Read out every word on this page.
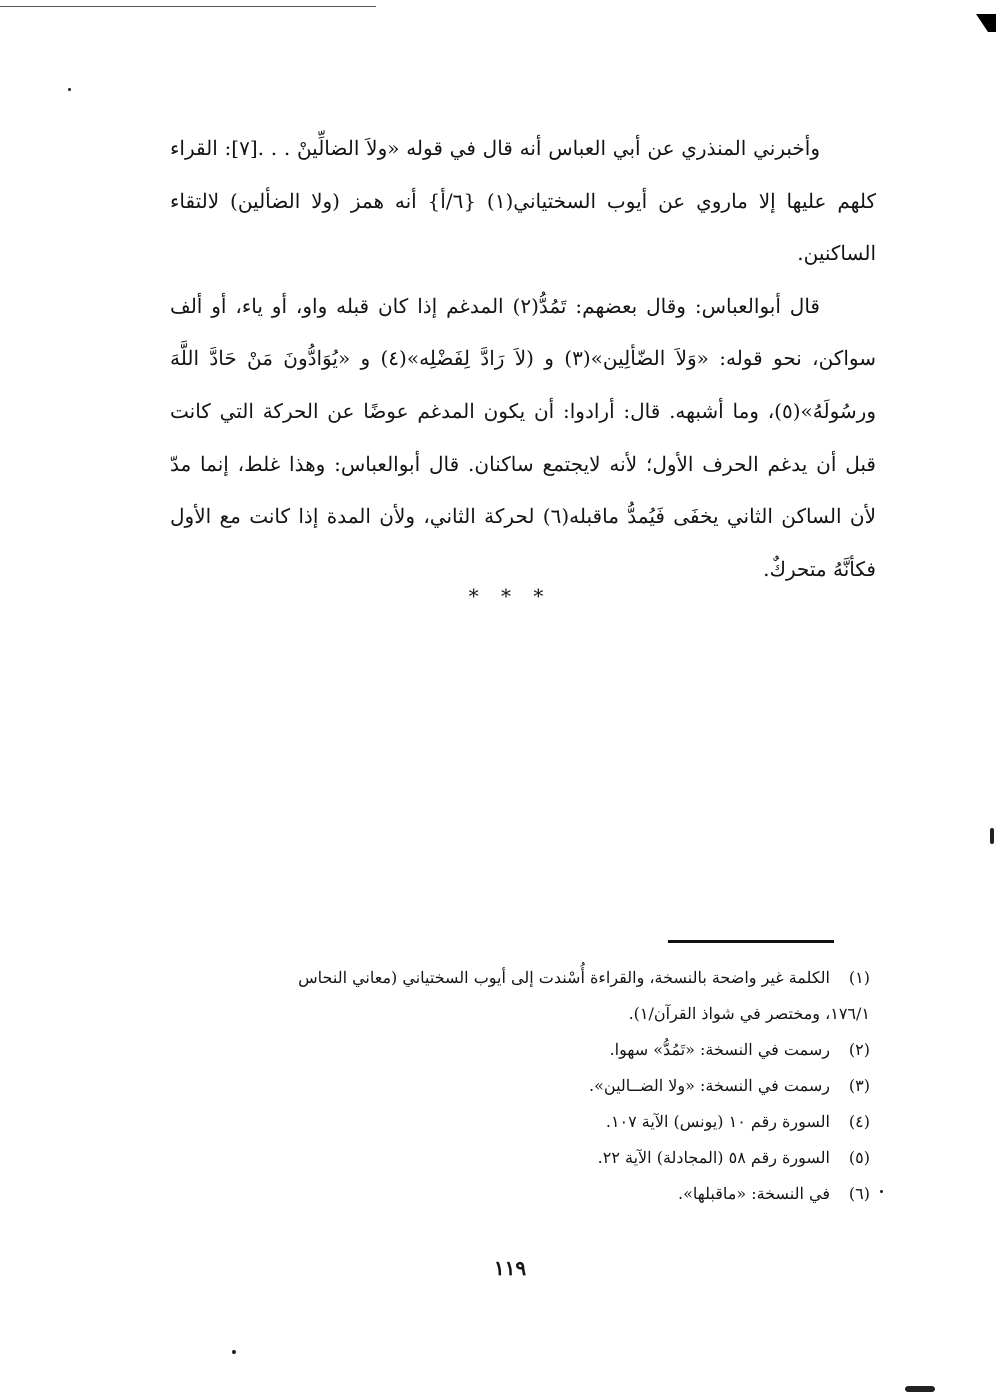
وأخبرني المنذري عن أبي العباس أنه قال في قوله «ولاَ الضالِّينْ . . .[٧]: القراء كلهم عليها إلا ماروي عن أيوب السختياني(١) {٦/أ} أنه همز (ولا الضألين) لالتقاء الساكنين.

قال أبوالعباس: وقال بعضهم: تَمُدُّ(٢) المدغم إذا كان قبله واو، أو ياء، أو ألف سواكن، نحو قوله: «وَلاَ الضّألِين»(٣) و (لاَ رَادَّ لِفَضْلِه»(٤) و «يُوَادُّونَ مَنْ حَادَّ اللَّهَ ورسُولَهُ»(٥)، وما أشبهه. قال: أرادوا: أن يكون المدغم عوضًا عن الحركة التي كانت قبل أن يدغم الحرف الأول؛ لأنه لايجتمع ساكنان. قال أبوالعباس: وهذا غلط، إنما مدّ لأن الساكن الثاني يخفَى فَيُمدُّ ماقبله(٦) لحركة الثاني، ولأن المدة إذا كانت مع الأول فكأنَّهُ متحركٌ.

* * *

(١)الكلمة غير واضحة بالنسخة، والقراءة أُسْندت إلى أيوب السختياني (معاني النحاس

١٧٦/١، ومختصر في شواذ القرآن/١).

(٢)رسمت في النسخة: «تَمُدُّ» سهوا.

(٣)رسمت في النسخة: «ولا الضــالين».

(٤)السورة رقم ١٠ (يونس) الآية ١٠٧.

(٥)السورة رقم ٥٨ (المجادلة) الآية ٢٢.

(٦)في النسخة: «ماقبلها».

١١٩
